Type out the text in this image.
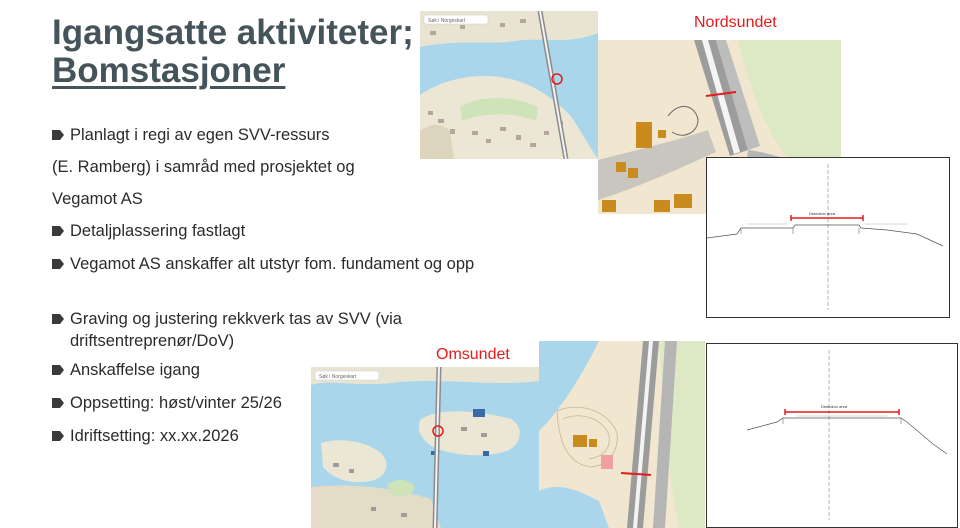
Igangsatte aktiviteter;
Bomstasjoner
Planlagt i regi av egen SVV-ressurs
(E. Ramberg) i samråd med prosjektet og
Vegamot AS
Detaljplassering fastlagt
Vegamot AS anskaffer alt utstyr fom. fundament og opp
Graving og justering rekkverk tas av SVV (via driftsentreprenør/DoV)
Anskaffelse igang
Oppsetting: høst/vinter 25/26
Idriftsetting: xx.xx.2026
Nordsundet
Omsundet
Søk i Norgeskart
Detection area
Søk i Norgeskart
Detection area
